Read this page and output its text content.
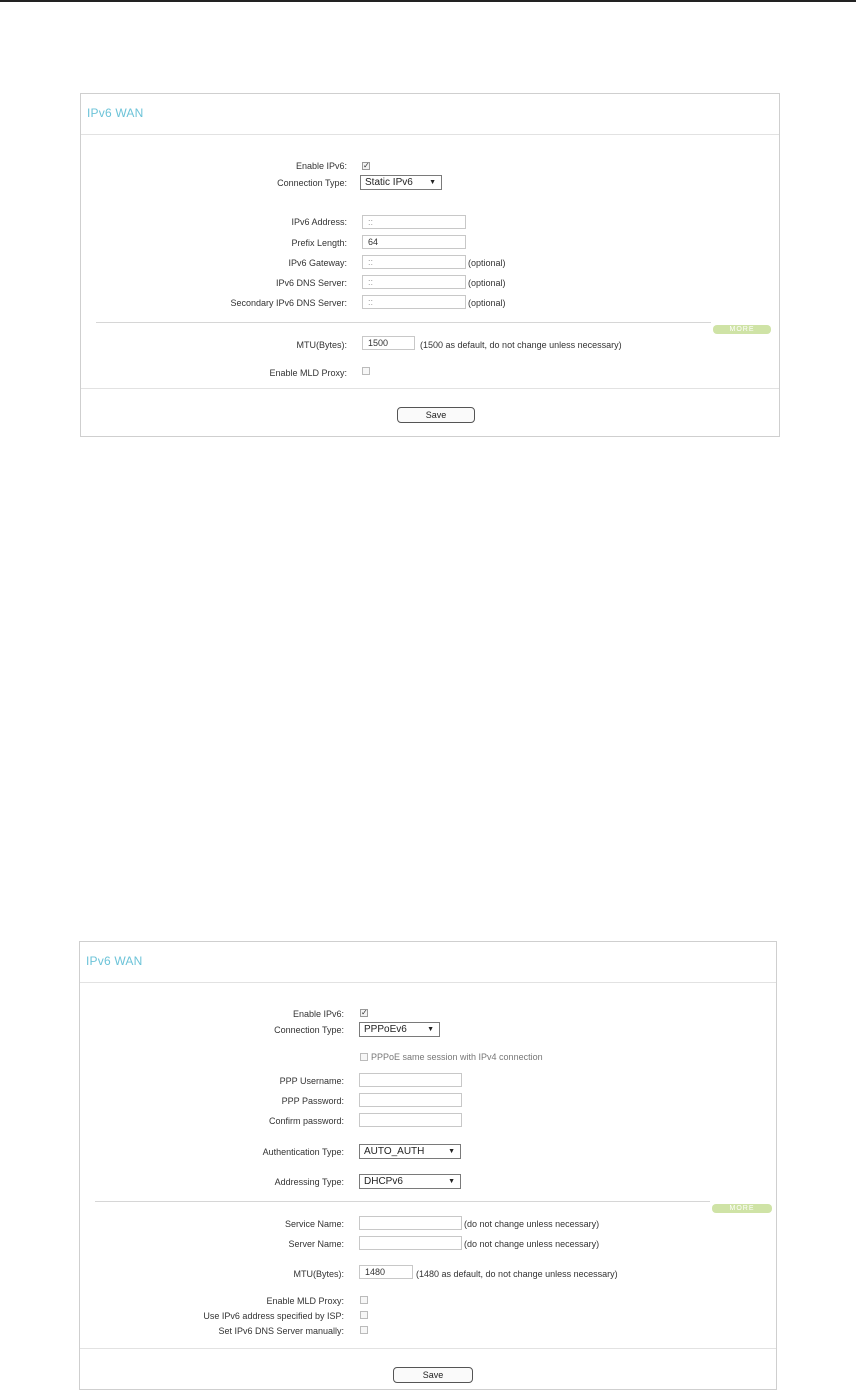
IPv6 WAN
Enable IPv6: ✓
Connection Type:	Static IPv6 ▼
IPv6 Address:	::
Prefix Length:	64
IPv6 Gateway:	::	(optional)
IPv6 DNS Server:	::	(optional)
Secondary IPv6 DNS Server:	::	(optional)
MORE
MTU(Bytes):	1500	(1500 as default, do not change unless necessary)
Enable MLD Proxy:
Save
IPv6 WAN
Enable IPv6: ✓
Connection Type:	PPPoEv6	▼
PPPoE same session with IPv4 connection
PPP Username:
PPP Password:
Confirm password:
Authentication Type:	AUTO_AUTH	▼
Addressing Type:	DHCPv6	▼
MORE
Service Name:	(do not change unless necessary)
Server Name:	(do not change unless necessary)
MTU(Bytes):	1480	(1480 as default, do not change unless necessary)
Enable MLD Proxy:
Use IPv6 address specified by ISP:
Set IPv6 DNS Server manually:
Save
